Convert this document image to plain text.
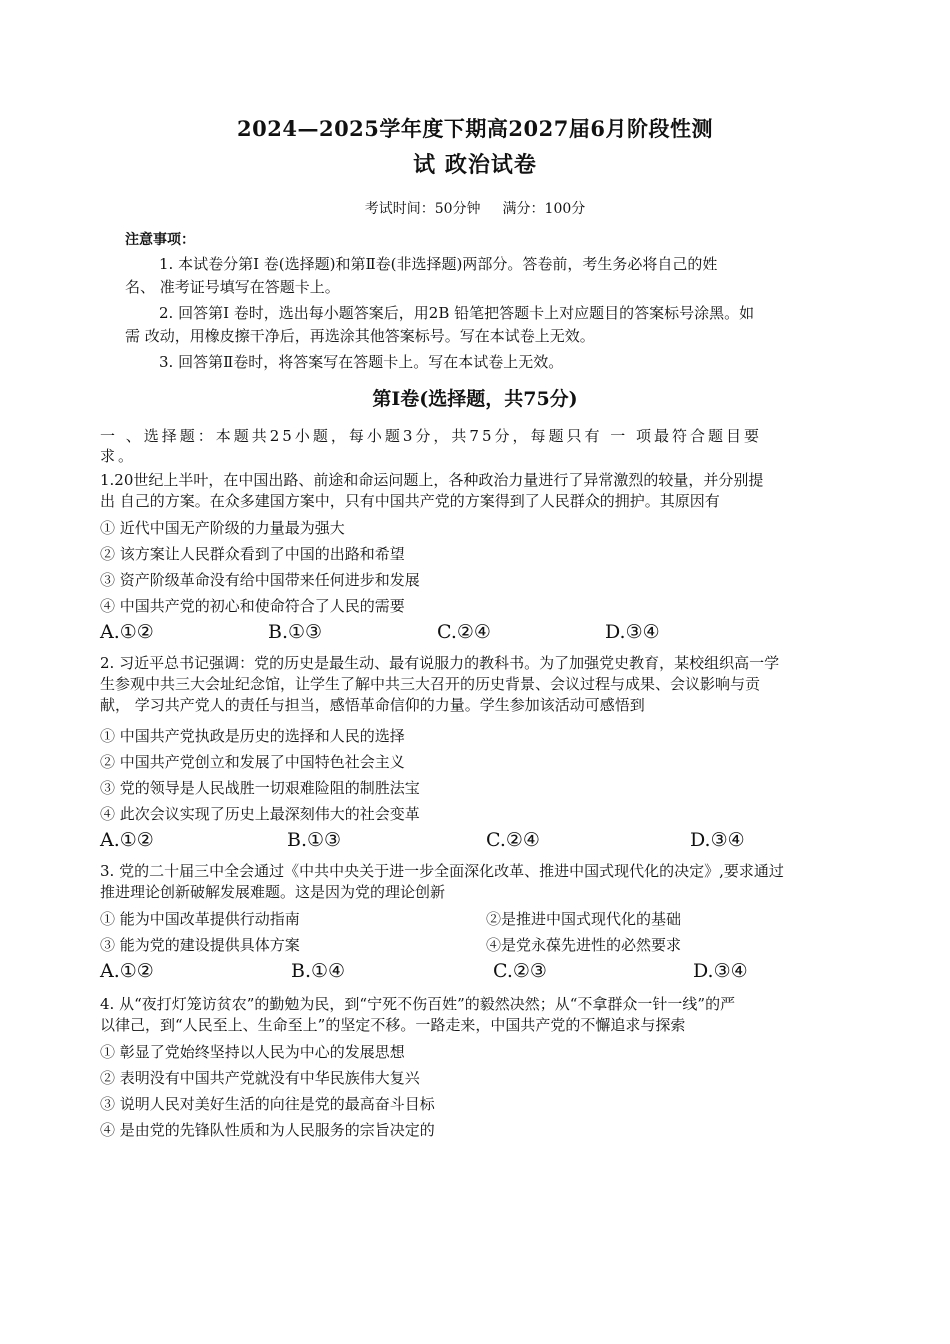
2024—2025学年度下期高2027届6月阶段性测
试 政治试卷
考试时间：50分钟 满分：100分
注意事项：
1. 本试卷分第Ⅰ 卷(选择题)和第Ⅱ卷(非选择题)两部分。答卷前，考生务必将自己的姓
名、 准考证号填写在答题卡上。
2. 回答第Ⅰ 卷时，选出每小题答案后，用2B 铅笔把答题卡上对应题目的答案标号涂黑。如
需 改动，用橡皮擦干净后，再选涂其他答案标号。写在本试卷上无效。
3. 回答第Ⅱ卷时，将答案写在答题卡上。写在本试卷上无效。
第Ⅰ卷(选择题，共75分)
一 、选择题：本题共25小题，每小题3分，共75分，每题只有 一 项最符合题目要
求。
1.20世纪上半叶，在中国出路、前途和命运问题上，各种政治力量进行了异常激烈的较量，并分别提
出 自己的方案。在众多建国方案中，只有中国共产党的方案得到了人民群众的拥护。其原因有
① 近代中国无产阶级的力量最为强大
② 该方案让人民群众看到了中国的出路和希望
③ 资产阶级革命没有给中国带来任何进步和发展
④ 中国共产党的初心和使命符合了人民的需要
A.①②	B.①③	C.②④	D.③④
2. 习近平总书记强调：党的历史是最生动、最有说服力的教科书。为了加强党史教育，某校组织高一学
生参观中共三大会址纪念馆，让学生了解中共三大召开的历史背景、会议过程与成果、会议影响与贡
献， 学习共产党人的责任与担当，感悟革命信仰的力量。学生参加该活动可感悟到
① 中国共产党执政是历史的选择和人民的选择
② 中国共产党创立和发展了中国特色社会主义
③ 党的领导是人民战胜一切艰难险阻的制胜法宝
④ 此次会议实现了历史上最深刻伟大的社会变革
A.①②	B.①③	C.②④	D.③④
3. 党的二十届三中全会通过《中共中央关于进一步全面深化改革、推进中国式现代化的决定》,要求通过
推进理论创新破解发展难题。这是因为党的理论创新
① 能为中国改革提供行动指南	②是推进中国式现代化的基础
③ 能为党的建设提供具体方案	④是党永葆先进性的必然要求
A.①②	B.①④	C.②③	D.③④
4. 从“夜打灯笼访贫农”的勤勉为民，到“宁死不伤百姓”的毅然决然；从“不拿群众一针一线”的严
以律己，到“人民至上、生命至上”的坚定不移。一路走来，中国共产党的不懈追求与探索
① 彰显了党始终坚持以人民为中心的发展思想
② 表明没有中国共产党就没有中华民族伟大复兴
③ 说明人民对美好生活的向往是党的最高奋斗目标
④ 是由党的先锋队性质和为人民服务的宗旨决定的
